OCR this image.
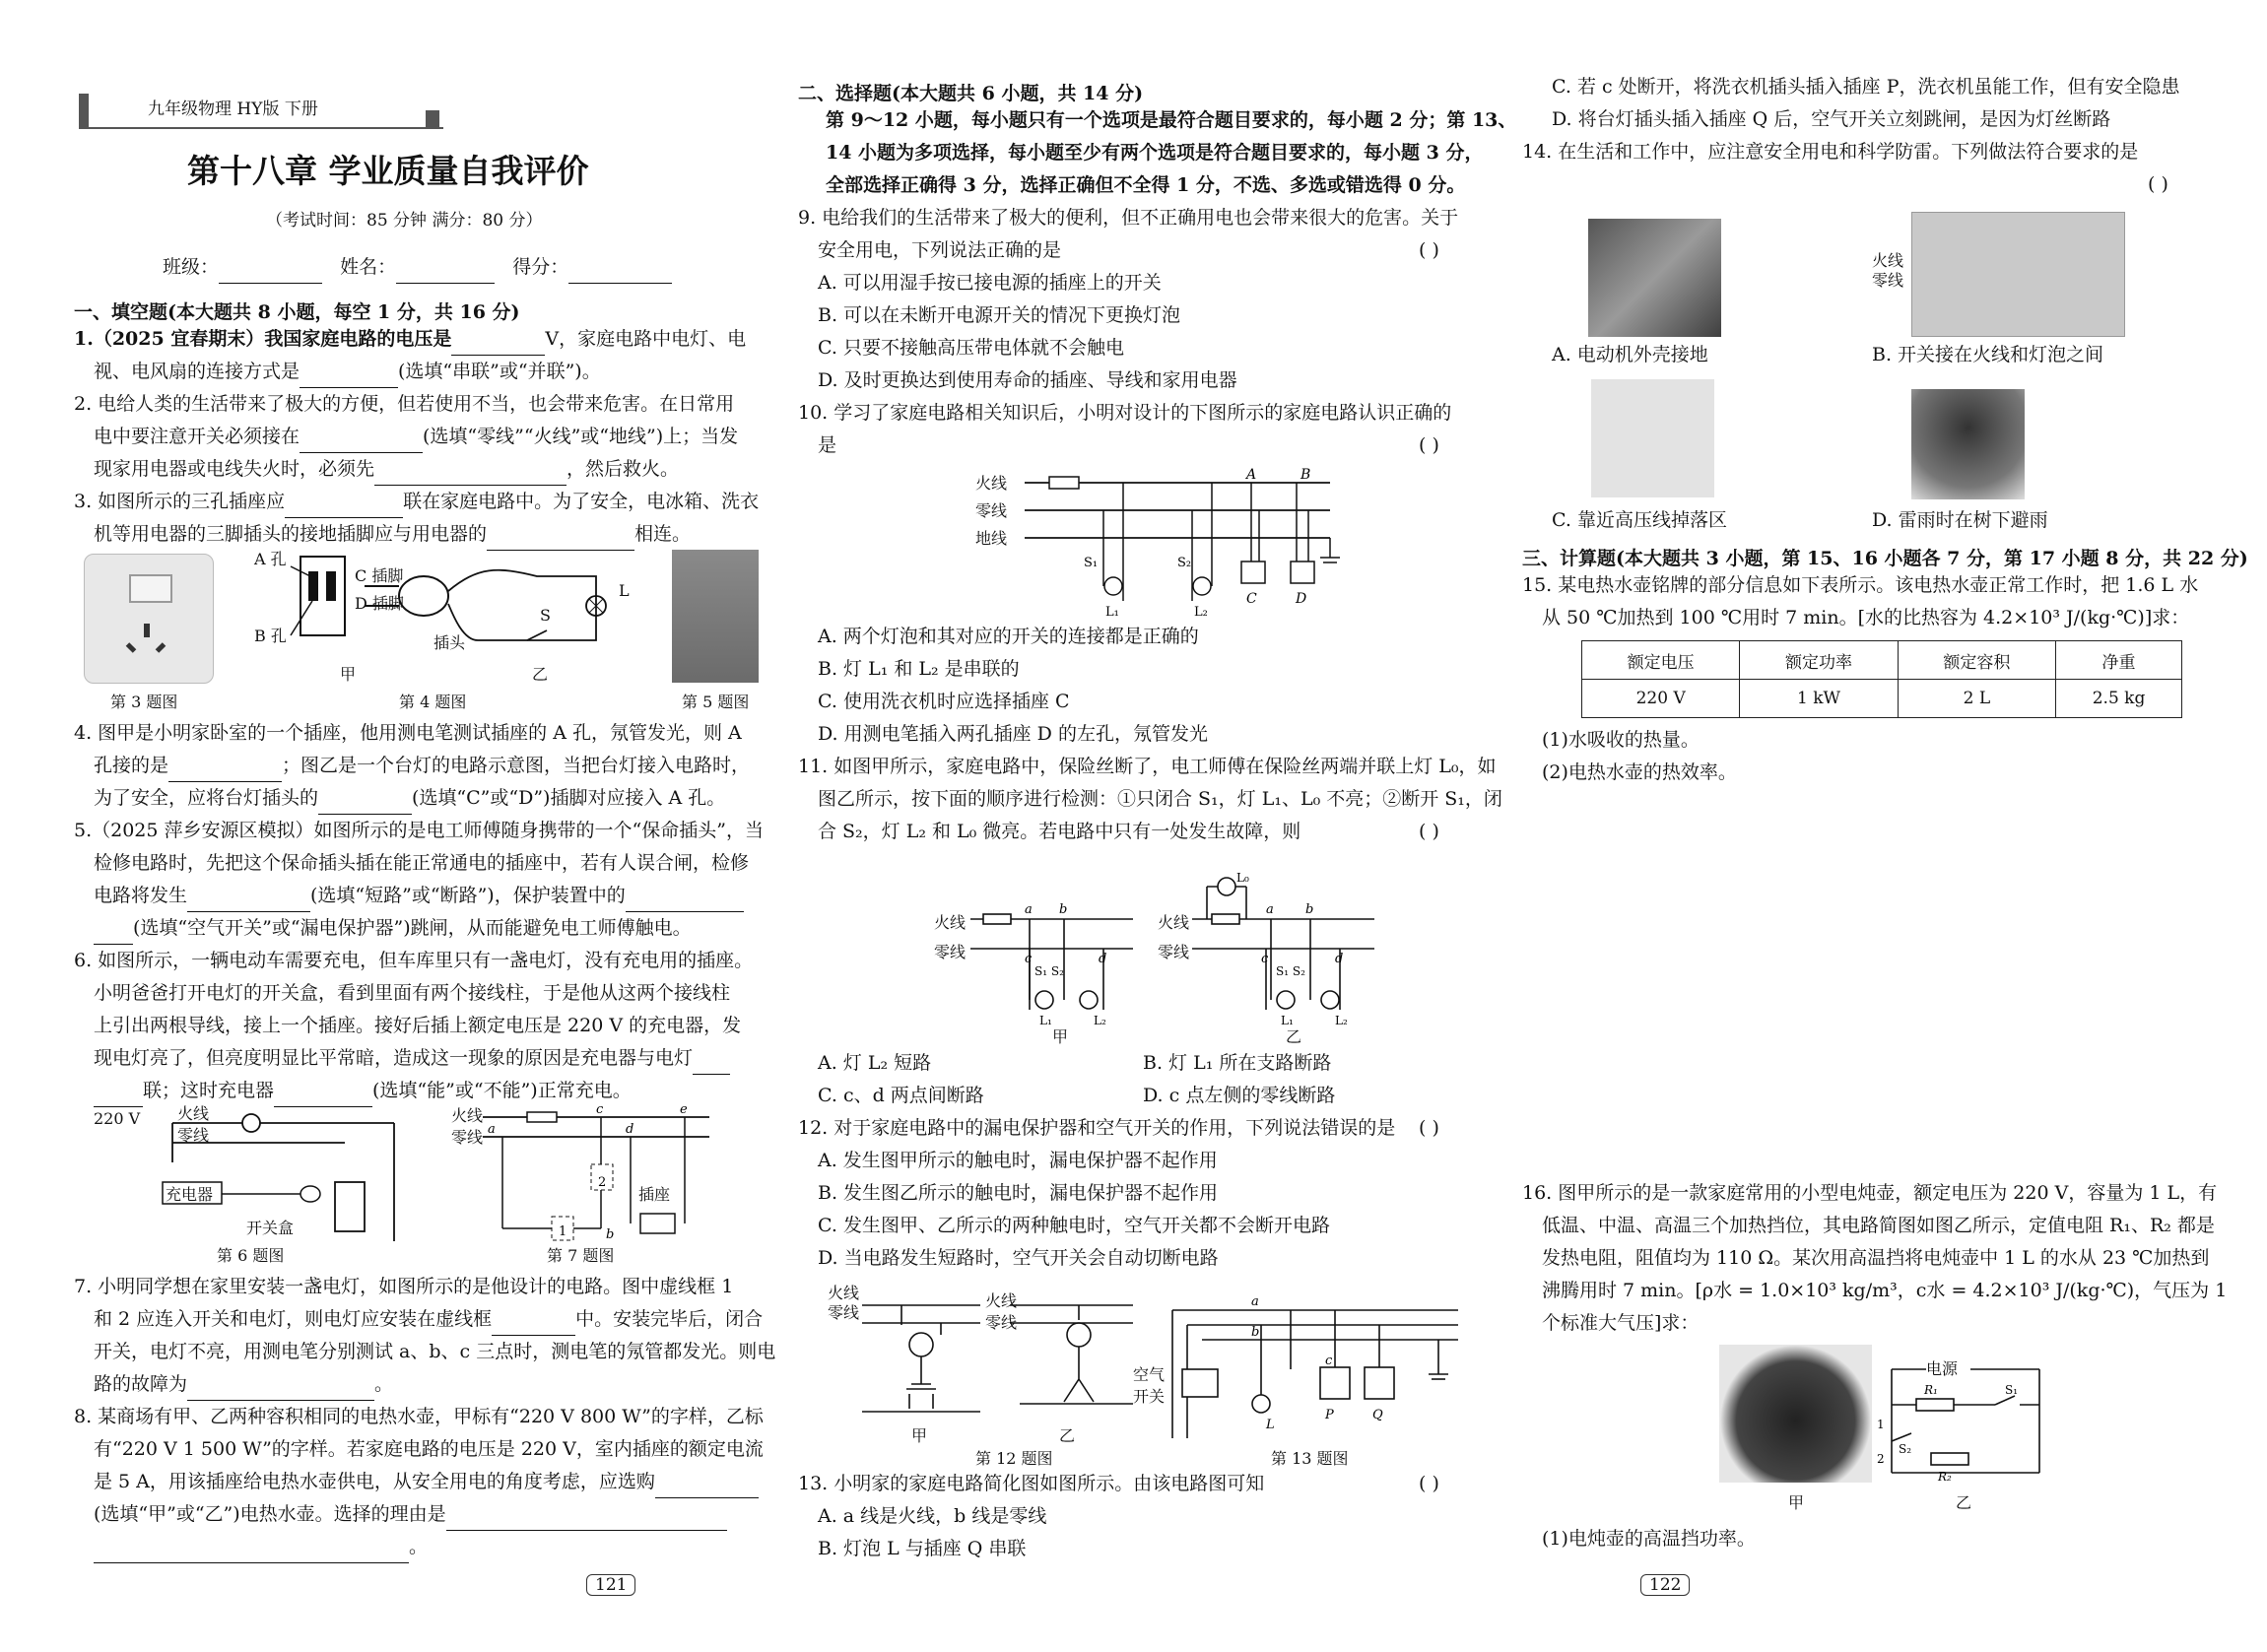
九年级物理 HY版 下册
第十八章 学业质量自我评价
（考试时间：85 分钟 满分：80 分）
班级：	姓名：	得分：
一、填空题(本大题共 8 小题，每空 1 分，共 16 分)
1.（2025 宜春期末）我国家庭电路的电压是	V，家庭电路中电灯、电
视、电风扇的连接方式是	(选填“串联”或“并联”)。
2. 电给人类的生活带来了极大的方便，但若使用不当，也会带来危害。在日常用
电中要注意开关必须接在	(选填“零线”“火线”或“地线”)上；当发
现家用电器或电线失火时，必须先	，然后救火。
3. 如图所示的三孔插座应	联在家庭电路中。为了安全，电冰箱、洗衣
机等用电器的三脚插头的接地插脚应与用电器的	相连。
第 3 题图
A 孔
B 孔
C 插脚
D 插脚
插头
S
L
甲	乙
第 4 题图	第 5 题图
4. 图甲是小明家卧室的一个插座，他用测电笔测试插座的 A 孔，氖管发光，则 A
孔接的是	；图乙是一个台灯的电路示意图，当把台灯接入电路时，
为了安全，应将台灯插头的	(选填“C”或“D”)插脚对应接入 A 孔。
5.（2025 萍乡安源区模拟）如图所示的是电工师傅随身携带的一个“保命插头”，当
检修电路时，先把这个保命插头插在能正常通电的插座中，若有人误合闸，检修
电路将发生	(选填“短路”或“断路”)，保护装置中的
(选填“空气开关”或“漏电保护器”)跳闸，从而能避免电工师傅触电。
6. 如图所示，一辆电动车需要充电，但车库里只有一盏电灯，没有充电用的插座。
小明爸爸打开电灯的开关盒，看到里面有两个接线柱，于是他从这两个接线柱
上引出两根导线，接上一个插座。接好后插上额定电压是 220 V 的充电器，发
现电灯亮了，但亮度明显比平常暗，造成这一现象的原因是充电器与电灯
联；这时充电器	(选填“能”或“不能”)正常充电。
220 V 火线
零线
充电器
开关盒
第 6 题图
2
1
c
d
e
a
b
火线
零线
插座
第 7 题图
7. 小明同学想在家里安装一盏电灯，如图所示的是他设计的电路。图中虚线框 1
和 2 应连入开关和电灯，则电灯应安装在虚线框	中。安装完毕后，闭合
开关，电灯不亮，用测电笔分别测试 a、b、c 三点时，测电笔的氖管都发光。则电
路的故障为	。
8. 某商场有甲、乙两种容积相同的电热水壶，甲标有“220 V 800 W”的字样，乙标
有“220 V 1 500 W”的字样。若家庭电路的电压是 220 V，室内插座的额定电流
是 5 A，用该插座给电热水壶供电，从安全用电的角度考虑，应选购
(选填“甲”或“乙”)电热水壶。选择的理由是
。
121
二、选择题(本大题共 6 小题，共 14 分)
第 9～12 小题，每小题只有一个选项是最符合题目要求的，每小题 2 分；第 13、
14 小题为多项选择，每小题至少有两个选项是符合题目要求的，每小题 3 分，
全部选择正确得 3 分，选择正确但不全得 1 分，不选、多选或错选得 0 分。
9. 电给我们的生活带来了极大的便利，但不正确用电也会带来很大的危害。关于
安全用电，下列说法正确的是	( )
A. 可以用湿手按已接电源的插座上的开关
B. 可以在未断开电源开关的情况下更换灯泡
C. 只要不接触高压带电体就不会触电
D. 及时更换达到使用寿命的插座、导线和家用电器
10. 学习了家庭电路相关知识后，小明对设计的下图所示的家庭电路认识正确的
是	( )
A	B
C	D
S₁	S₂
L₁	L₂
火线
零线
地线
A. 两个灯泡和其对应的开关的连接都是正确的
B. 灯 L₁ 和 L₂ 是串联的
C. 使用洗衣机时应选择插座 C
D. 用测电笔插入两孔插座 D 的左孔，氖管发光
11. 如图甲所示，家庭电路中，保险丝断了，电工师傅在保险丝两端并联上灯 L₀，如
图乙所示，按下面的顺序进行检测：①只闭合 S₁，灯 L₁、L₀ 不亮；②断开 S₁，闭
合 S₂，灯 L₂ 和 L₀ 微亮。若电路中只有一处发生故障，则	( )
a b
c	d
a b
c	d
S₁ S₂	S₁ S₂
L₁	L₂	L₁	L₂
L₀
火线
零线
火线
零线
甲	乙
A. 灯 L₂ 短路	B. 灯 L₁ 所在支路断路
C. c、d 两点间断路	D. c 点左侧的零线断路
12. 对于家庭电路中的漏电保护器和空气开关的作用，下列说法错误的是 ( )
A. 发生图甲所示的触电时，漏电保护器不起作用
B. 发生图乙所示的触电时，漏电保护器不起作用
C. 发生图甲、乙所示的两种触电时，空气开关都不会断开电路
D. 当电路发生短路时，空气开关会自动切断电路
火线
零线
火线
零线
甲	乙
第 12 题图
a
b
c
L
P	Q
空气
开关
第 13 题图
13. 小明家的家庭电路简化图如图所示。由该电路图可知	( )
A. a 线是火线，b 线是零线
B. 灯泡 L 与插座 Q 串联
C. 若 c 处断开，将洗衣机插头插入插座 P，洗衣机虽能工作，但有安全隐患
D. 将台灯插头插入插座 Q 后，空气开关立刻跳闸，是因为灯丝断路
14. 在生活和工作中，应注意安全用电和科学防雷。下列做法符合要求的是
( )
A. 电动机外壳接地
火线
零线
B. 开关接在火线和灯泡之间
C. 靠近高压线掉落区	D. 雷雨时在树下避雨
三、计算题(本大题共 3 小题，第 15、16 小题各 7 分，第 17 小题 8 分，共 22 分)
15. 某电热水壶铭牌的部分信息如下表所示。该电热水壶正常工作时，把 1.6 L 水
从 50 ℃加热到 100 ℃用时 7 min。[水的比热容为 4.2×10³ J/(kg·℃)]求：
额定电压	额定功率	额定容积	净重
220 V	1 kW	2 L	2.5 kg
(1)水吸收的热量。
(2)电热水壶的热效率。
16. 图甲所示的是一款家庭常用的小型电炖壶，额定电压为 220 V，容量为 1 L，有
低温、中温、高温三个加热挡位，其电路简图如图乙所示，定值电阻 R₁、R₂ 都是
发热电阻，阻值均为 110 Ω。某次用高温挡将电炖壶中 1 L 的水从 23 ℃加热到
沸腾用时 7 min。[ρ水 = 1.0×10³ kg/m³，c水 = 4.2×10³ J/(kg·℃)，气压为 1
个标准大气压]求：
甲
R₁
R₂
S₁
S₂
1
2
电源
乙
(1)电炖壶的高温挡功率。
122
